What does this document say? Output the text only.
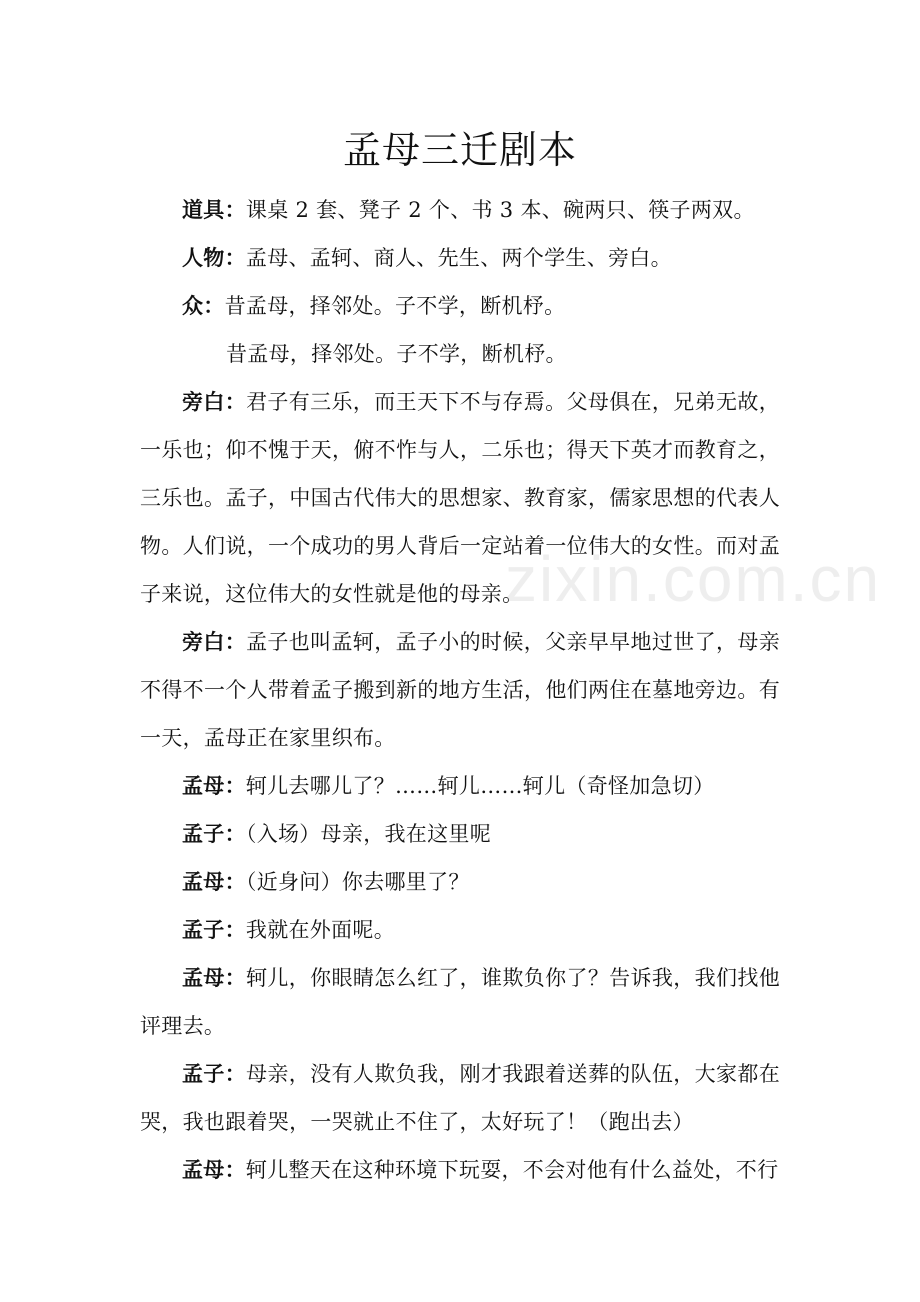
孟母三迁剧本
zixin.com.cn
道具：课桌 2 套、凳子 2 个、书 3 本、碗两只、筷子两双。
人物：孟母、孟轲、商人、先生、两个学生、旁白。
众：昔孟母，择邻处。子不学，断机杼。
昔孟母，择邻处。子不学，断机杼。
旁白：君子有三乐，而王天下不与存焉。父母俱在，兄弟无故，一乐也；仰不愧于天，俯不怍与人，二乐也；得天下英才而教育之，三乐也。孟子，中国古代伟大的思想家、教育家，儒家思想的代表人物。人们说，一个成功的男人背后一定站着一位伟大的女性。而对孟子来说，这位伟大的女性就是他的母亲。
旁白：孟子也叫孟轲，孟子小的时候，父亲早早地过世了，母亲不得不一个人带着孟子搬到新的地方生活，他们两住在墓地旁边。有一天，孟母正在家里织布。
孟母：轲儿去哪儿了？……轲儿……轲儿（奇怪加急切）
孟子：（入场）母亲，我在这里呢
孟母：（近身问）你去哪里了？
孟子：我就在外面呢。
孟母：轲儿，你眼睛怎么红了，谁欺负你了？告诉我，我们找他评理去。
孟子：母亲，没有人欺负我，刚才我跟着送葬的队伍，大家都在哭，我也跟着哭，一哭就止不住了，太好玩了！（跑出去）
孟母：轲儿整天在这种环境下玩耍，不会对他有什么益处，不行
